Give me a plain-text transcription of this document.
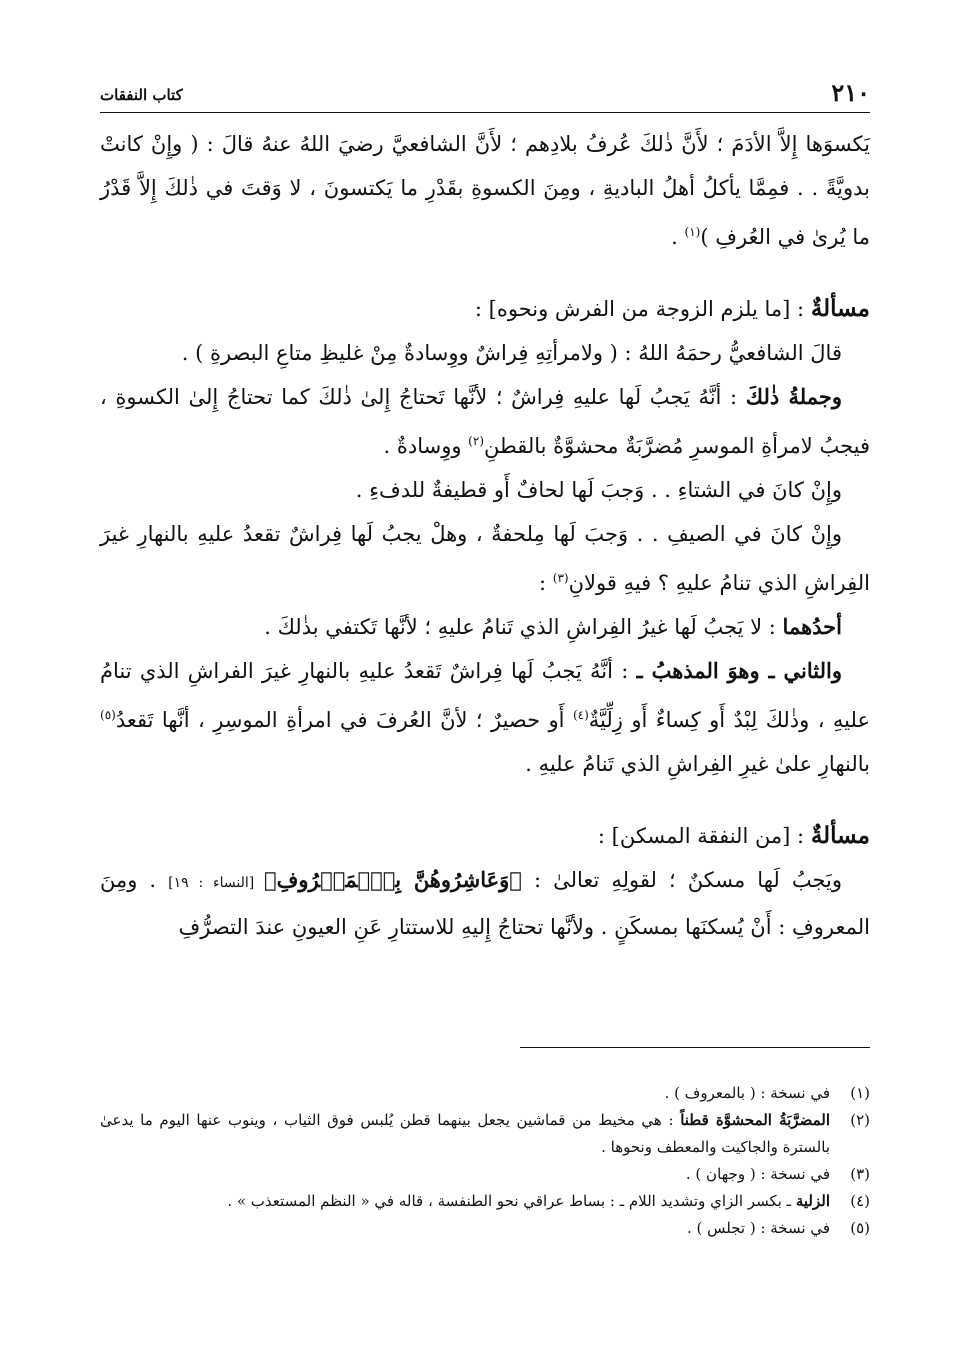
٢١٠
كتاب النفقات

يَكسوَها إِلاَّ الأدَمَ ؛ لأَنَّ ذٰلكَ عُرفُ بلادِهم ؛ لأَنَّ الشافعيَّ رضيَ اللهُ عنهُ قالَ : ( وإِنْ كانتْ بدويَّةً . . فمِمَّا يأكلُ أهلُ الباديةِ ، ومِنَ الكسوةِ بقَدْرِ ما يَكتسونَ ، لا وَقتَ في ذٰلكَ إِلاَّ قَدْرُ ما يُرىٰ في العُرفِ )$^{(١)}$ .

مسألةٌ : [ما يلزم الزوجة من الفرش ونحوه] :

قالَ الشافعيُّ رحمَهُ اللهُ : ( ولامرأتِهِ فِراشٌ ووِسادةٌ مِنْ غليظِ متاعِ البصرةِ ) .

وجملةُ ذٰلكَ : أنَّهُ يَجبُ لَها عليهِ فِراشٌ ؛ لأنَّها تَحتاجُ إِلىٰ ذٰلكَ كما تحتاجُ إِلىٰ الكسوةِ ، فيجبُ لامرأةِ الموسرِ مُضرَّبَةٌ محشوَّةٌ بالقطنِ$^{(٢)}$ ووِسادةٌ .

وإِنْ كانَ في الشتاءِ . . وَجبَ لَها لحافٌ أَو قطيفةٌ للدفءِ .

وإِنْ كانَ في الصيفِ . . وَجبَ لَها مِلحفةٌ ، وهلْ يجبُ لَها فِراشٌ تقعدُ عليهِ بالنهارِ غيرَ الفِراشِ الذي تنامُ عليهِ ؟ فيهِ قولانِ$^{(٣)}$ :

أحدُهما : لا يَجبُ لَها غيرُ الفِراشِ الذي تَنامُ عليهِ ؛ لأنَّها تَكتفي بذٰلكَ .

والثاني ـ وهوَ المذهبُ ـ : أنَّهُ يَجبُ لَها فِراشٌ تَقعدُ عليهِ بالنهارِ غيرَ الفراشِ الذي تنامُ عليهِ ، وذٰلكَ لِبْدٌ أَو كِساءٌ أَو زِلِّيَّةٌ$^{(٤)}$ أَو حصيرٌ ؛ لأنَّ العُرفَ في امرأةِ الموسِرِ ، أنَّها تَقعدُ$^{(٥)}$ بالنهارِ علىٰ غيرِ الفِراشِ الذي تَنامُ عليهِ .

مسألةٌ : [من النفقة المسكن] :

ويَجبُ لَها مسكنٌ ؛ لقولِهِ تعالىٰ : ﴿وَعَاشِرُوهُنَّ بِٱلۡمَعۡرُوفِ﴾ [النساء : ١٩] . ومِنَ المعروفِ : أَنْ يُسكنَها بمسكَنٍ . ولأنَّها تحتاجُ إِليهِ للاستتارِ عَنِ العيونِ عندَ التصرُّفِ

(١)
في نسخة : ( بالمعروف ) .
(٢)
المضرَّبَةُ المحشوَّة قطناً : هي مخيط من قماشين يجعل بينهما قطن يُلبس فوق الثياب ، وينوب عنها اليوم ما يدعىٰ بالسترة والجاكيت والمعطف ونحوها .
(٣)
في نسخة : ( وجهان ) .
(٤)
الزلية ـ بكسر الزاي وتشديد اللام ـ : بساط عراقي نحو الطنفسة ، قاله في « النظم المستعذب » .
(٥)
في نسخة : ( تجلس ) .
